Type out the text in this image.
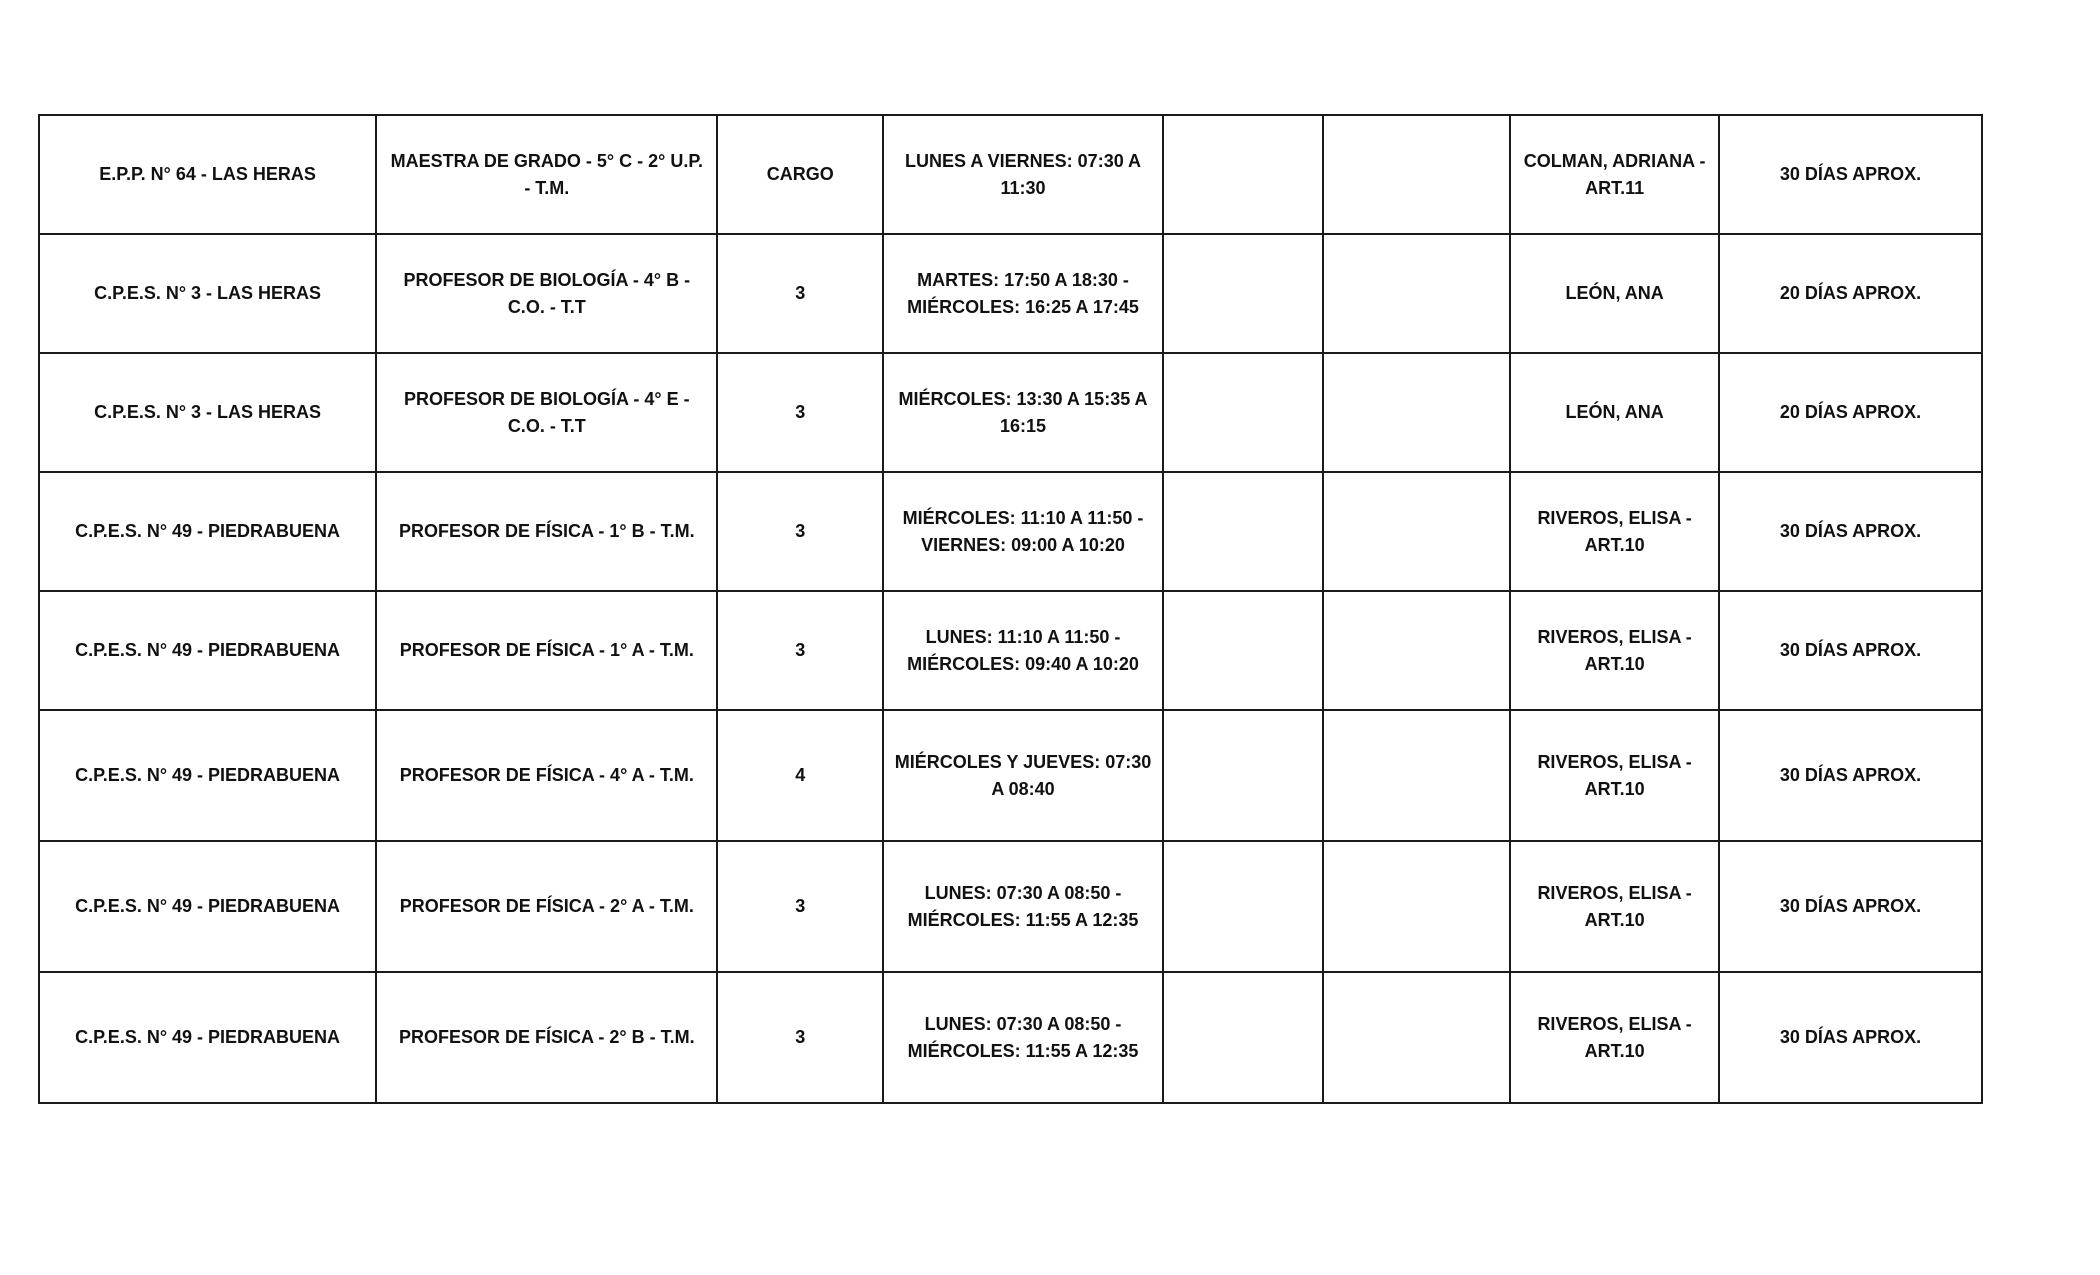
E.P.P. N° 64 - LAS HERAS	MAESTRA DE GRADO - 5° C - 2° U.P. - T.M.	CARGO	LUNES A VIERNES: 07:30 A 11:30			COLMAN, ADRIANA - ART.11	30 DÍAS APROX.
C.P.E.S. N° 3 - LAS HERAS	PROFESOR DE BIOLOGÍA - 4° B - C.O. - T.T	3	MARTES: 17:50 A 18:30 - MIÉRCOLES: 16:25 A 17:45			LEÓN, ANA	20 DÍAS APROX.
C.P.E.S. N° 3 - LAS HERAS	PROFESOR DE BIOLOGÍA - 4° E - C.O. - T.T	3	MIÉRCOLES: 13:30 A 15:35 A 16:15			LEÓN, ANA	20 DÍAS APROX.
C.P.E.S. N° 49 - PIEDRABUENA	PROFESOR DE FÍSICA - 1° B - T.M.	3	MIÉRCOLES: 11:10 A 11:50 - VIERNES: 09:00 A 10:20			RIVEROS, ELISA - ART.10	30 DÍAS APROX.
C.P.E.S. N° 49 - PIEDRABUENA	PROFESOR DE FÍSICA - 1° A - T.M.	3	LUNES: 11:10 A 11:50 - MIÉRCOLES: 09:40 A 10:20			RIVEROS, ELISA - ART.10	30 DÍAS APROX.
C.P.E.S. N° 49 - PIEDRABUENA	PROFESOR DE FÍSICA - 4° A - T.M.	4	MIÉRCOLES Y JUEVES: 07:30 A 08:40			RIVEROS, ELISA - ART.10	30 DÍAS APROX.
C.P.E.S. N° 49 - PIEDRABUENA	PROFESOR DE FÍSICA - 2° A - T.M.	3	LUNES: 07:30 A 08:50 - MIÉRCOLES: 11:55 A 12:35			RIVEROS, ELISA - ART.10	30 DÍAS APROX.
C.P.E.S. N° 49 - PIEDRABUENA	PROFESOR DE FÍSICA - 2° B - T.M.	3	LUNES: 07:30 A 08:50 - MIÉRCOLES: 11:55 A 12:35			RIVEROS, ELISA - ART.10	30 DÍAS APROX.
